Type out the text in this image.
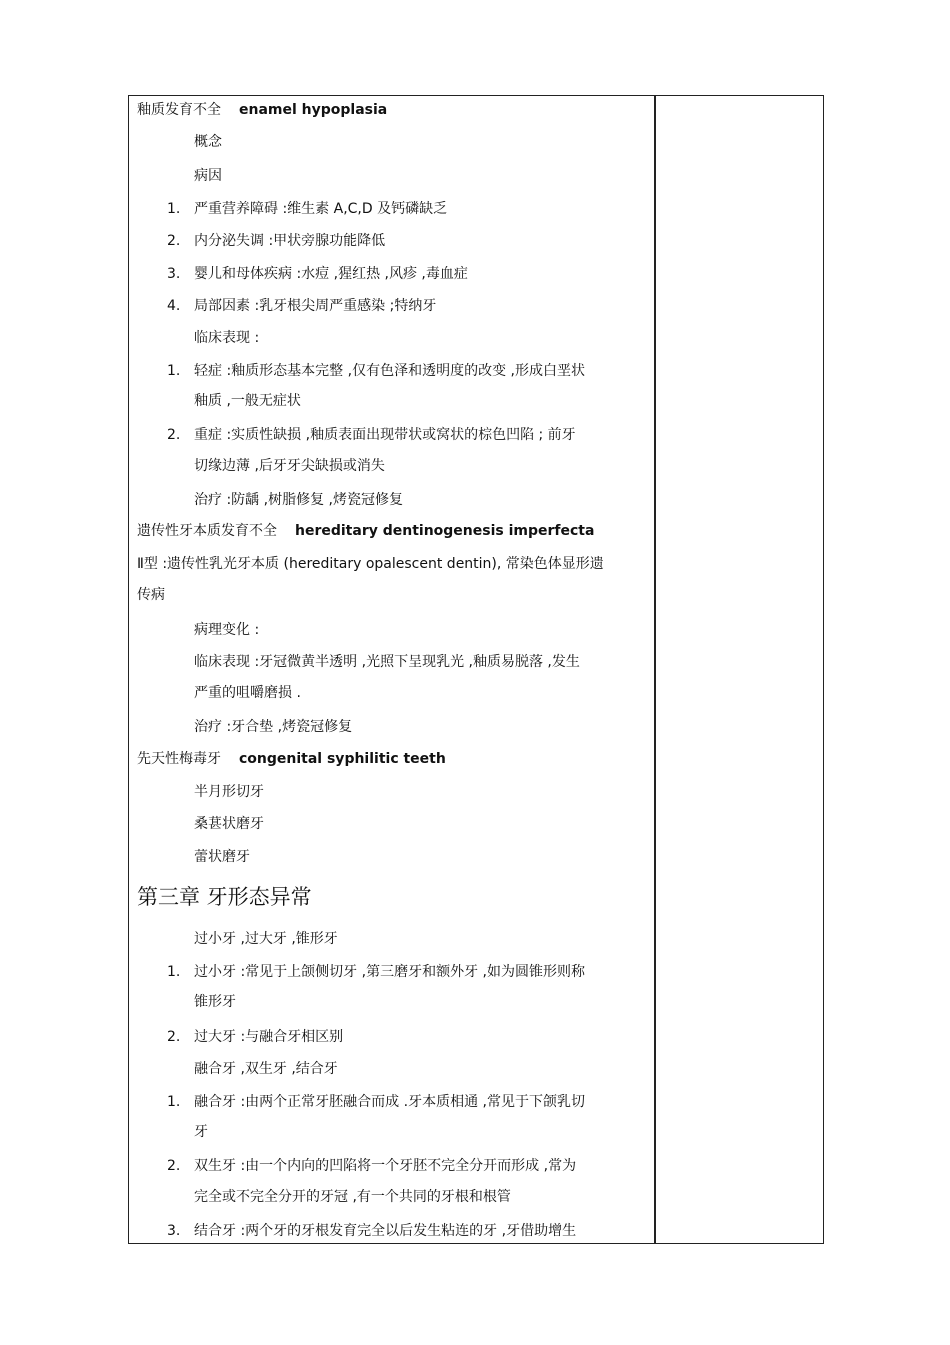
釉质发育不全 enamel hypoplasia
概念
病因
1. 严重营养障碍 :维生素 A,C,D 及钙磷缺乏
2. 内分泌失调 :甲状旁腺功能降低
3. 婴儿和母体疾病 :水痘 ,猩红热 ,风疹 ,毒血症
4. 局部因素 :乳牙根尖周严重感染 ;特纳牙
临床表现 :
1. 轻症 :釉质形态基本完整 ,仅有色泽和透明度的改变 ,形成白垩状
釉质 ,一般无症状
2. 重症 :实质性缺损 ,釉质表面出现带状或窝状的棕色凹陷 ; 前牙
切缘边薄 ,后牙牙尖缺损或消失
治疗 :防龋 ,树脂修复 ,烤瓷冠修复
遗传性牙本质发育不全 hereditary dentinogenesis imperfecta
Ⅱ型 :遗传性乳光牙本质 (hereditary opalescent dentin), 常染色体显形遗
传病
病理变化 :
临床表现 :牙冠微黄半透明 ,光照下呈现乳光 ,釉质易脱落 ,发生
严重的咀嚼磨损 .
治疗 :牙合垫 ,烤瓷冠修复
先天性梅毒牙 congenital syphilitic teeth
半月形切牙
桑葚状磨牙
蕾状磨牙
第三章 牙形态异常
过小牙 ,过大牙 ,锥形牙
1. 过小牙 :常见于上颌侧切牙 ,第三磨牙和额外牙 ,如为圆锥形则称
锥形牙
2. 过大牙 :与融合牙相区别
融合牙 ,双生牙 ,结合牙
1. 融合牙 :由两个正常牙胚融合而成 .牙本质相通 ,常见于下颌乳切
牙
2. 双生牙 :由一个内向的凹陷将一个牙胚不完全分开而形成 ,常为
完全或不完全分开的牙冠 ,有一个共同的牙根和根管
3. 结合牙 :两个牙的牙根发育完全以后发生粘连的牙 ,牙借助增生
